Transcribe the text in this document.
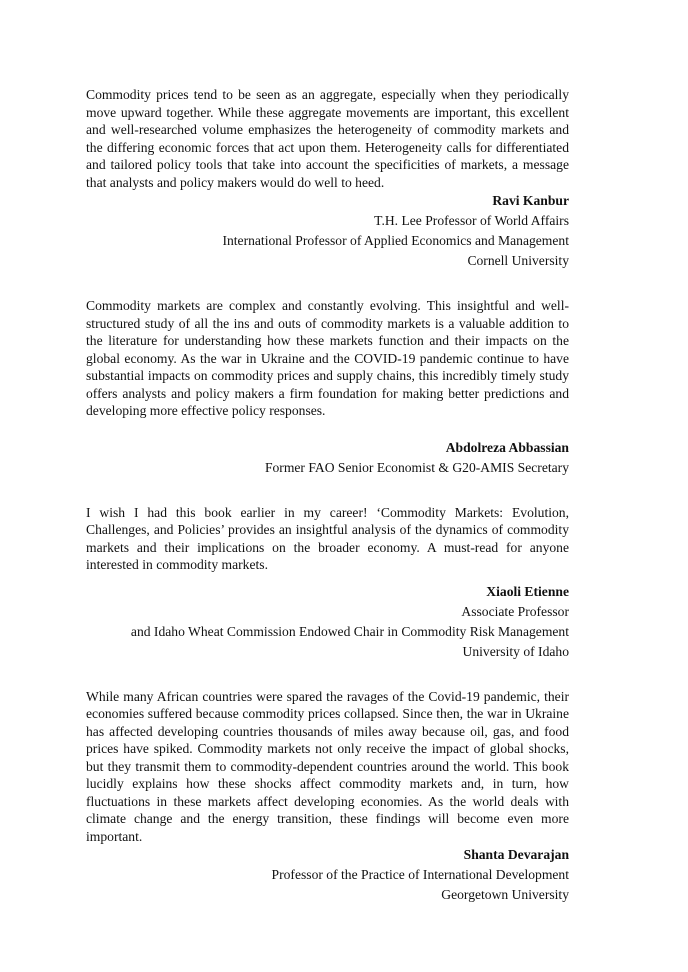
Commodity prices tend to be seen as an aggregate, especially when they periodically move upward together. While these aggregate movements are important, this excellent and well-researched volume emphasizes the heterogeneity of commodity markets and the differing economic forces that act upon them. Heterogeneity calls for differentiated and tailored policy tools that take into account the specificities of markets, a message that analysts and policy makers would do well to heed.

Ravi Kanbur
T.H. Lee Professor of World Affairs
International Professor of Applied Economics and Management
Cornell University

Commodity markets are complex and constantly evolving. This insightful and well-structured study of all the ins and outs of commodity markets is a valuable addition to the literature for understanding how these markets function and their impacts on the global economy. As the war in Ukraine and the COVID-19 pandemic continue to have substantial impacts on commodity prices and supply chains, this incredibly timely study offers analysts and policy makers a firm foundation for making better predictions and developing more effective policy responses.

Abdolreza Abbassian
Former FAO Senior Economist & G20-AMIS Secretary

I wish I had this book earlier in my career! ‘Commodity Markets: Evolution, Challenges, and Policies’ provides an insightful analysis of the dynamics of commodity markets and their implications on the broader economy. A must-read for anyone interested in commodity markets.

Xiaoli Etienne
Associate Professor
and Idaho Wheat Commission Endowed Chair in Commodity Risk Management
University of Idaho

While many African countries were spared the ravages of the Covid-19 pandemic, their economies suffered because commodity prices collapsed. Since then, the war in Ukraine has affected developing countries thousands of miles away because oil, gas, and food prices have spiked. Commodity markets not only receive the impact of global shocks, but they transmit them to commodity-dependent countries around the world. This book lucidly explains how these shocks affect commodity markets and, in turn, how fluctuations in these markets affect developing economies. As the world deals with climate change and the energy transition, these findings will become even more important.

Shanta Devarajan
Professor of the Practice of International Development
Georgetown University
